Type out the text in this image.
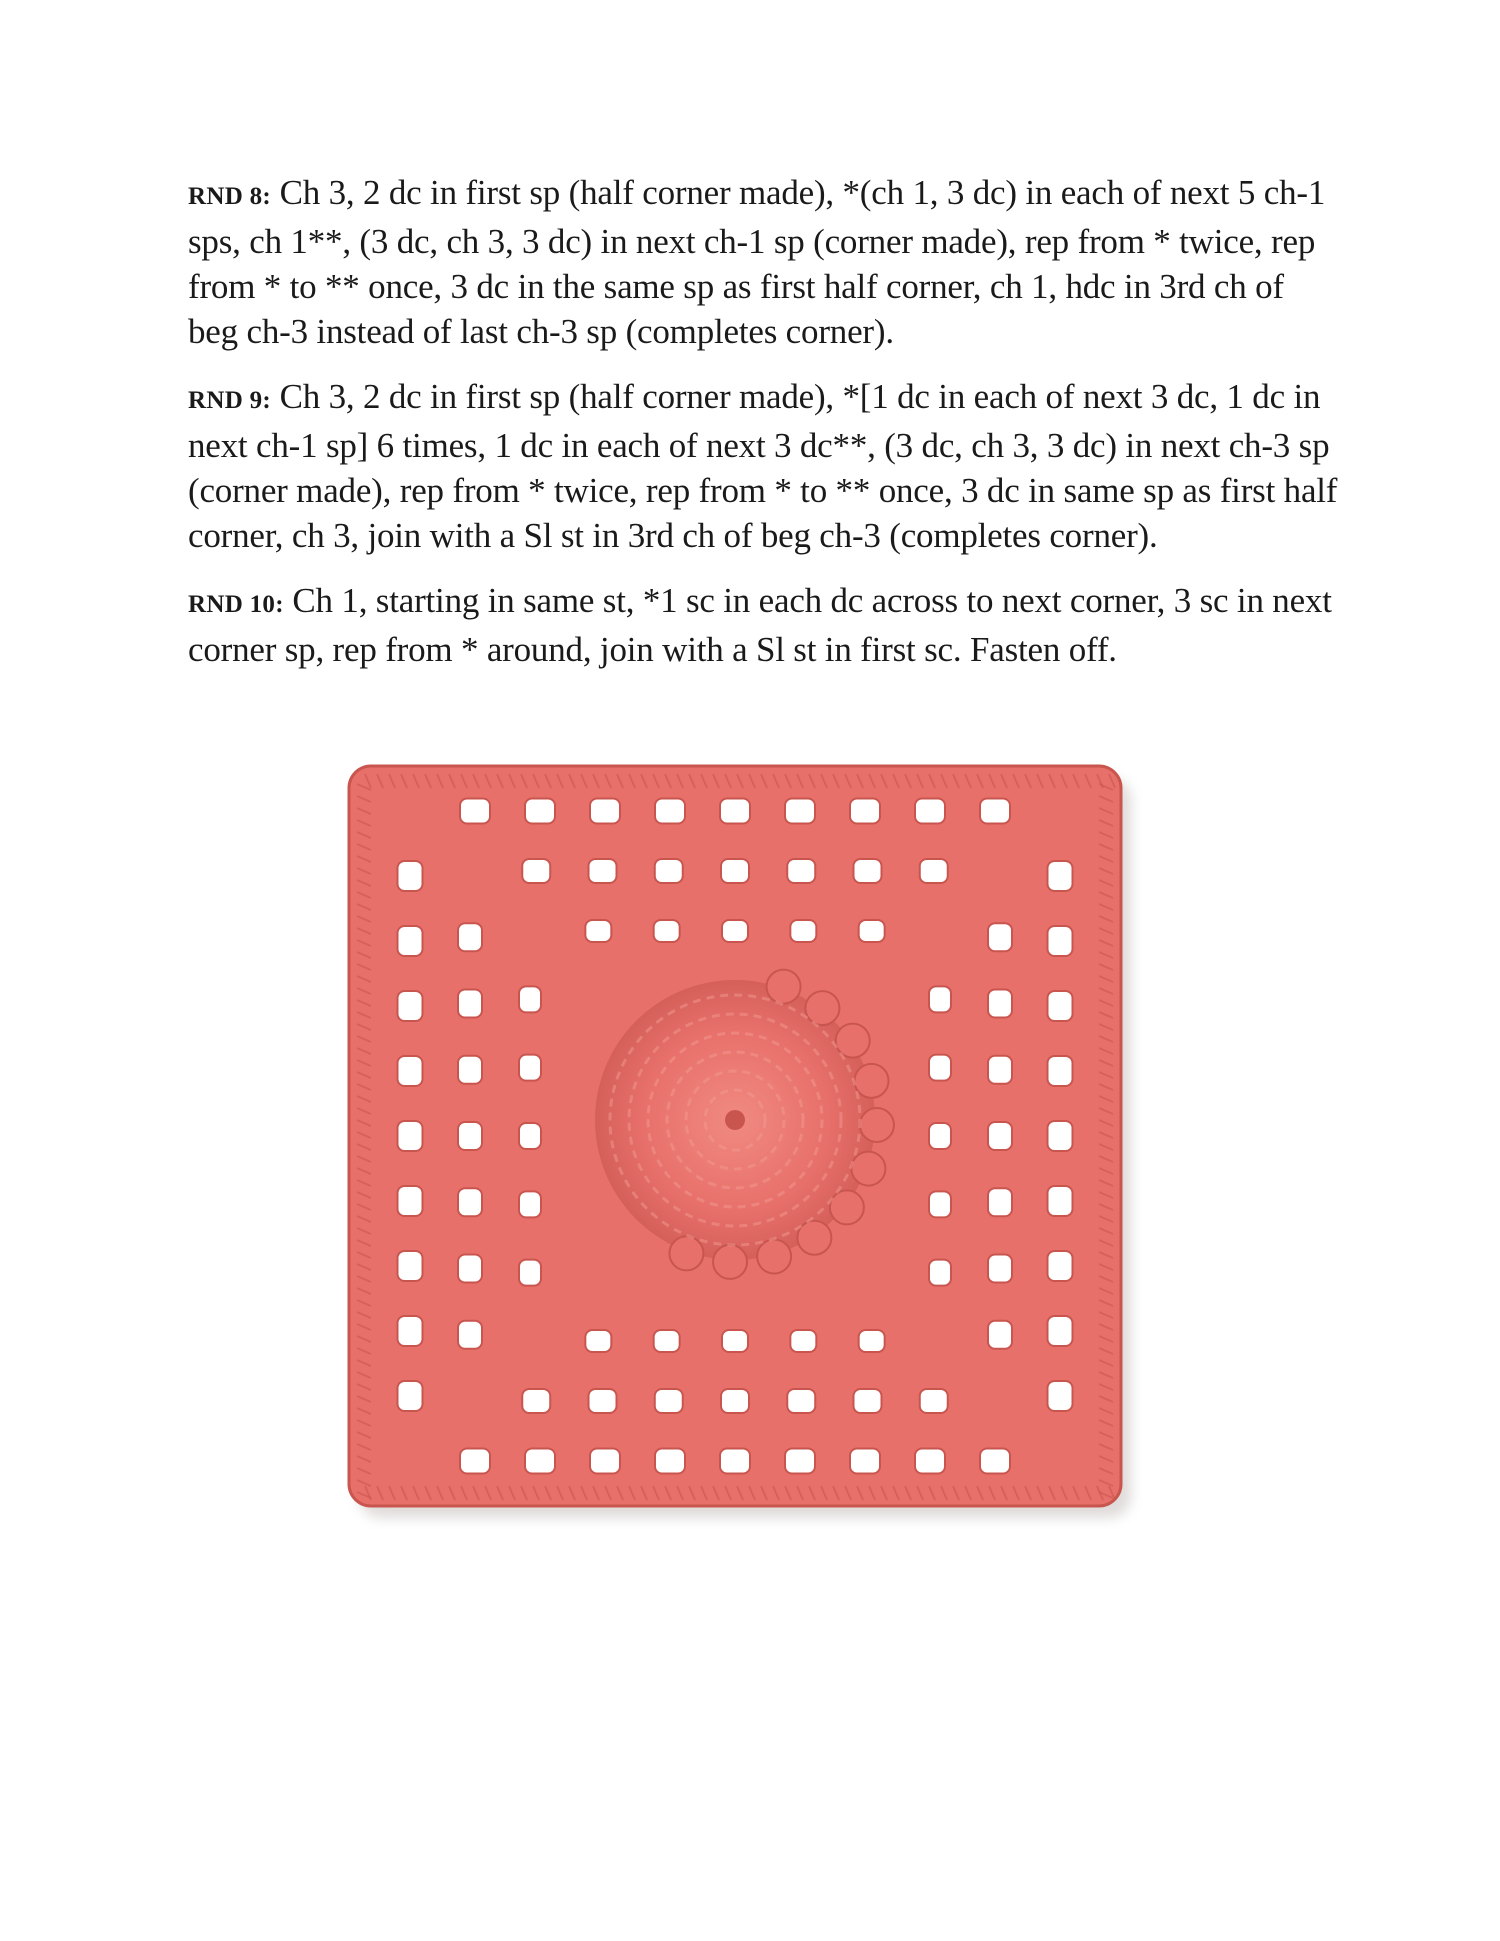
RND 8: Ch 3, 2 dc in first sp (half corner made), *(ch 1, 3 dc) in each of next 5 ch-1 sps, ch 1**, (3 dc, ch 3, 3 dc) in next ch-1 sp (corner made), rep from * twice, rep from * to ** once, 3 dc in the same sp as first half corner, ch 1, hdc in 3rd ch of beg ch-3 instead of last ch-3 sp (completes corner).

RND 9: Ch 3, 2 dc in first sp (half corner made), *[1 dc in each of next 3 dc, 1 dc in next ch-1 sp] 6 times, 1 dc in each of next 3 dc**, (3 dc, ch 3, 3 dc) in next ch-3 sp (corner made), rep from * twice, rep from * to ** once, 3 dc in same sp as first half corner, ch 3, join with a Sl st in 3rd ch of beg ch-3 (completes corner).

RND 10: Ch 1, starting in same st, *1 sc in each dc across to next corner, 3 sc in next corner sp, rep from * around, join with a Sl st in first sc. Fasten off.
